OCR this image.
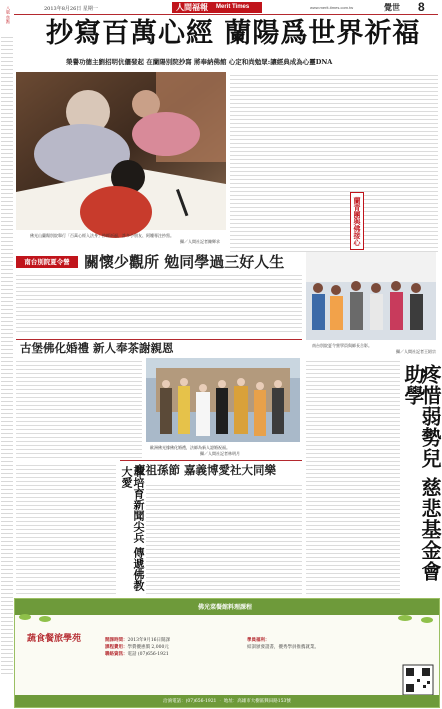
八版 焦點	2013年8月26日 星期一	人間福報 Merit Times	www.merit-times.com.tw	覺世 8
抄寫百萬心經 蘭陽爲世界祈福
榮譽功德主劉招明伉儷發起 在蘭陽別院抄寫 將奉納佛館 心定和尚勉眾:讓經典成為心靈DNA
佛光山蘭陽別院舉行「百萬心經入法身」抄經祈福，許多小朋友、阿嬤專注抄寫。
攝／人間社記者陳輝求	蘭青團與佛接心
南台別院夏令營 關懷少觀所 勉同學過三好人生
南台別院夏令營學員與師長合影。
攝／人間社記者王紹宗
古堡佛化婚禮 新人奉茶謝親恩
歐洲佛光緣佛化婚禮，法師為新人證婚祝福。
攝／人間社記者林明月	疼惜弱勢兒 慈悲基金會助學
慶祖孫節 嘉義博愛社大同樂
菲培育新聞尖兵 傳遞佛教大愛
佛光菜餐館料理課程
蔬食餐旅學苑	開課時間：2013年9月16日開課
課程費用：學費優惠價 2,000元
聯絡資訊：電話 (07)656-1921
學員福利：
結訓頒發證書，優秀學員推薦就業。
洽詢電話：(07)656-1921 ‧ 地址：高雄市大樹區興田路153號
